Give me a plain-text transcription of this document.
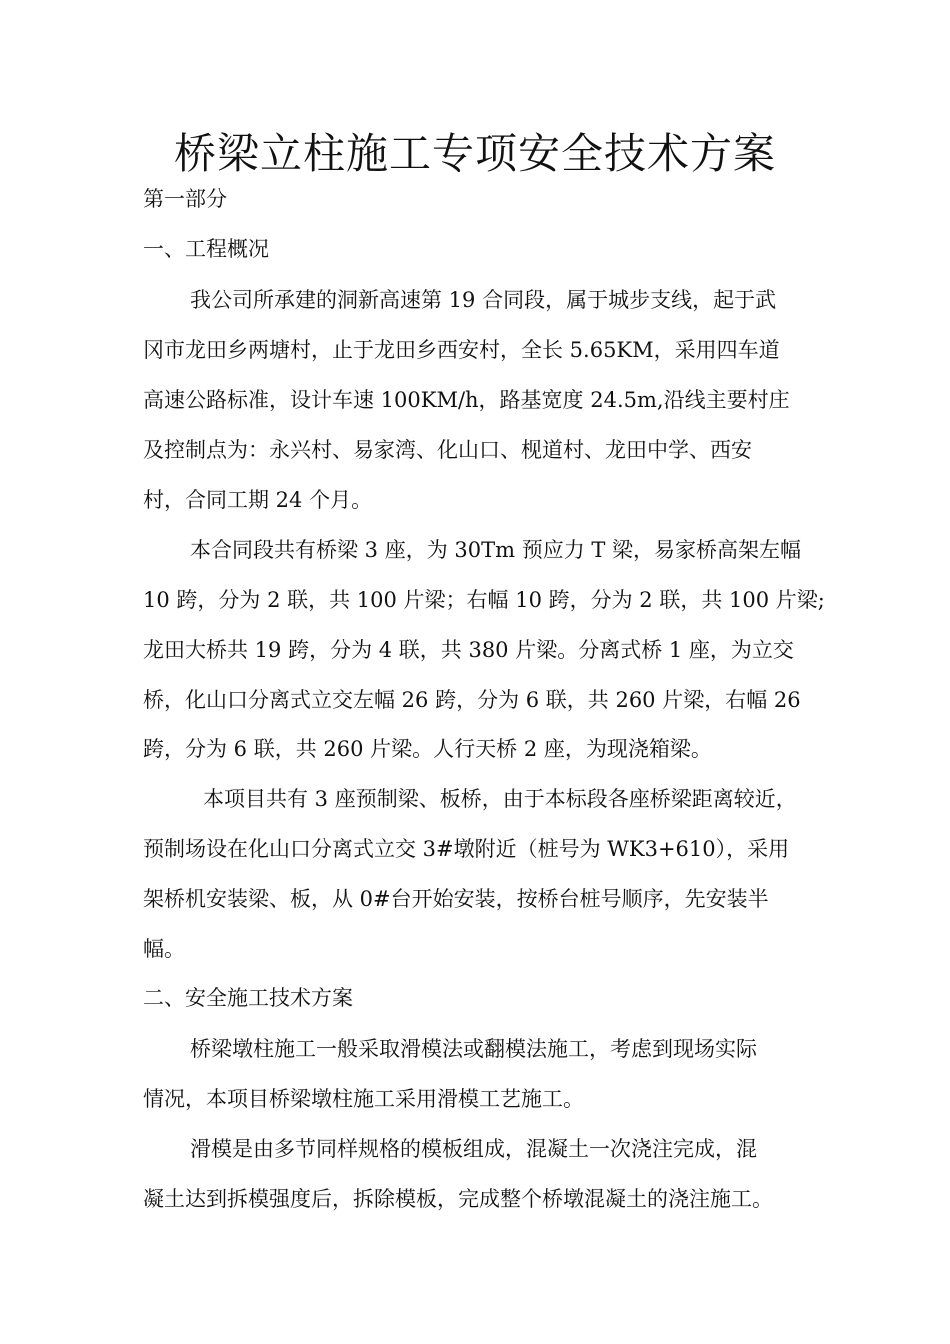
桥梁立柱施工专项安全技术方案
第一部分
一、工程概况
我公司所承建的洞新高速第 19 合同段，属于城步支线，起于武
冈市龙田乡两塘村，止于龙田乡西安村，全长 5.65KM，采用四车道
高速公路标准，设计车速 100KM/h，路基宽度 24.5m,沿线主要村庄
及控制点为：永兴村、易家湾、化山口、枧道村、龙田中学、西安
村，合同工期 24 个月。
本合同段共有桥梁 3 座，为 30Tm 预应力 T 梁，易家桥高架左幅
10 跨，分为 2 联，共 100 片梁；右幅 10 跨，分为 2 联，共 100 片梁;
龙田大桥共 19 跨，分为 4 联，共 380 片梁。分离式桥 1 座，为立交
桥，化山口分离式立交左幅 26 跨，分为 6 联，共 260 片梁，右幅 26
跨，分为 6 联，共 260 片梁。人行天桥 2 座，为现浇箱梁。
本项目共有 3 座预制梁、板桥，由于本标段各座桥梁距离较近，
预制场设在化山口分离式立交 3#墩附近（桩号为 WK3+610），采用
架桥机安装梁、板，从 0#台开始安装，按桥台桩号顺序，先安装半
幅。
二、安全施工技术方案
桥梁墩柱施工一般采取滑模法或翻模法施工，考虑到现场实际
情况，本项目桥梁墩柱施工采用滑模工艺施工。
滑模是由多节同样规格的模板组成，混凝土一次浇注完成，混
凝土达到拆模强度后，拆除模板，完成整个桥墩混凝土的浇注施工。
